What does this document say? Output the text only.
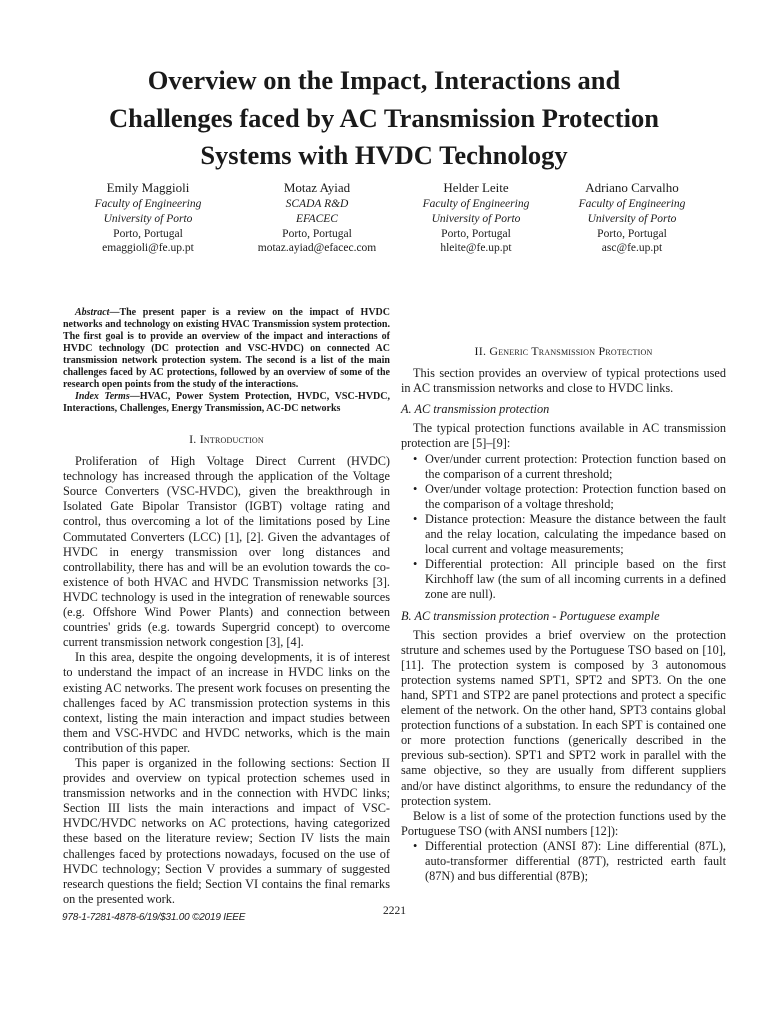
Overview on the Impact, Interactions and
Challenges faced by AC Transmission Protection
Systems with HVDC Technology
Emily Maggioli
Faculty of Engineering
University of Porto
Porto, Portugal
emaggioli@fe.up.pt
Motaz Ayiad
SCADA R&D
EFACEC
Porto, Portugal
motaz.ayiad@efacec.com
Helder Leite
Faculty of Engineering
University of Porto
Porto, Portugal
hleite@fe.up.pt
Adriano Carvalho
Faculty of Engineering
University of Porto
Porto, Portugal
asc@fe.up.pt

Abstract—The present paper is a review on the impact of HVDC networks and technology on existing HVAC Transmission system protection. The first goal is to provide an overview of the impact and interactions of HVDC technology (DC protection and VSC-HVDC) on connected AC transmission network protection system. The second is a list of the main challenges faced by AC protections, followed by an overview of some of the research open points from the study of the interactions.

Index Terms—HVAC, Power System Protection, HVDC, VSC-HVDC, Interactions, Challenges, Energy Transmission, AC-DC networks

I. Introduction

Proliferation of High Voltage Direct Current (HVDC) technology has increased through the application of the Voltage Source Converters (VSC-HVDC), given the breakthrough in Isolated Gate Bipolar Transistor (IGBT) voltage rating and control, thus overcoming a lot of the limitations posed by Line Commutated Converters (LCC) [1], [2]. Given the advantages of HVDC in energy transmission over long distances and controllability, there has and will be an evolution towards the co-existence of both HVAC and HVDC Transmission networks [3]. HVDC technology is used in the integration of renewable sources (e.g. Offshore Wind Power Plants) and connection between countries' grids (e.g. towards Supergrid concept) to overcome current transmission network congestion [3], [4].

In this area, despite the ongoing developments, it is of interest to understand the impact of an increase in HVDC links on the existing AC networks. The present work focuses on presenting the challenges faced by AC transmission protection systems in this context, listing the main interaction and impact studies between them and VSC-HVDC and HVDC networks, which is the main contribution of this paper.

This paper is organized in the following sections: Section II provides and overview on typical protection schemes used in transmission networks and in the connection with HVDC links; Section III lists the main interactions and impact of VSC-HVDC/HVDC networks on AC protections, having categorized these based on the literature review; Section IV lists the main challenges faced by protections nowadays, focused on the use of HVDC technology; Section V provides a summary of suggested research questions the field; Section VI contains the final remarks on the presented work.

II. Generic Transmission Protection

This section provides an overview of typical protections used in AC transmission networks and close to HVDC links.

A. AC transmission protection

The typical protection functions available in AC transmission protection are [5]–[9]:

• Over/under current protection: Protection function based on the comparison of a current threshold;
• Over/under voltage protection: Protection function based on the comparison of a voltage threshold;
• Distance protection: Measure the distance between the fault and the relay location, calculating the impedance based on local current and voltage measurements;
• Differential protection: All principle based on the first Kirchhoff law (the sum of all incoming currents in a defined zone are null).
B. AC transmission protection - Portuguese example

This section provides a brief overview on the protection struture and schemes used by the Portuguese TSO based on [10], [11]. The protection system is composed by 3 autonomous protection systems named SPT1, SPT2 and SPT3. On the one hand, SPT1 and STP2 are panel protections and protect a specific element of the network. On the other hand, SPT3 contains global protection functions of a substation. In each SPT is contained one or more protection functions (generically described in the previous sub-section). SPT1 and SPT2 work in parallel with the same objective, so they are usually from different suppliers and/or have distinct algorithms, to ensure the redundancy of the protection system.

Below is a list of some of the protection functions used by the Portuguese TSO (with ANSI numbers [12]):

• Differential protection (ANSI 87): Line differential (87L), auto-transformer differential (87T), restricted earth fault (87N) and bus differential (87B);
978-1-7281-4878-6/19/$31.00 ©2019 IEEE
2221
